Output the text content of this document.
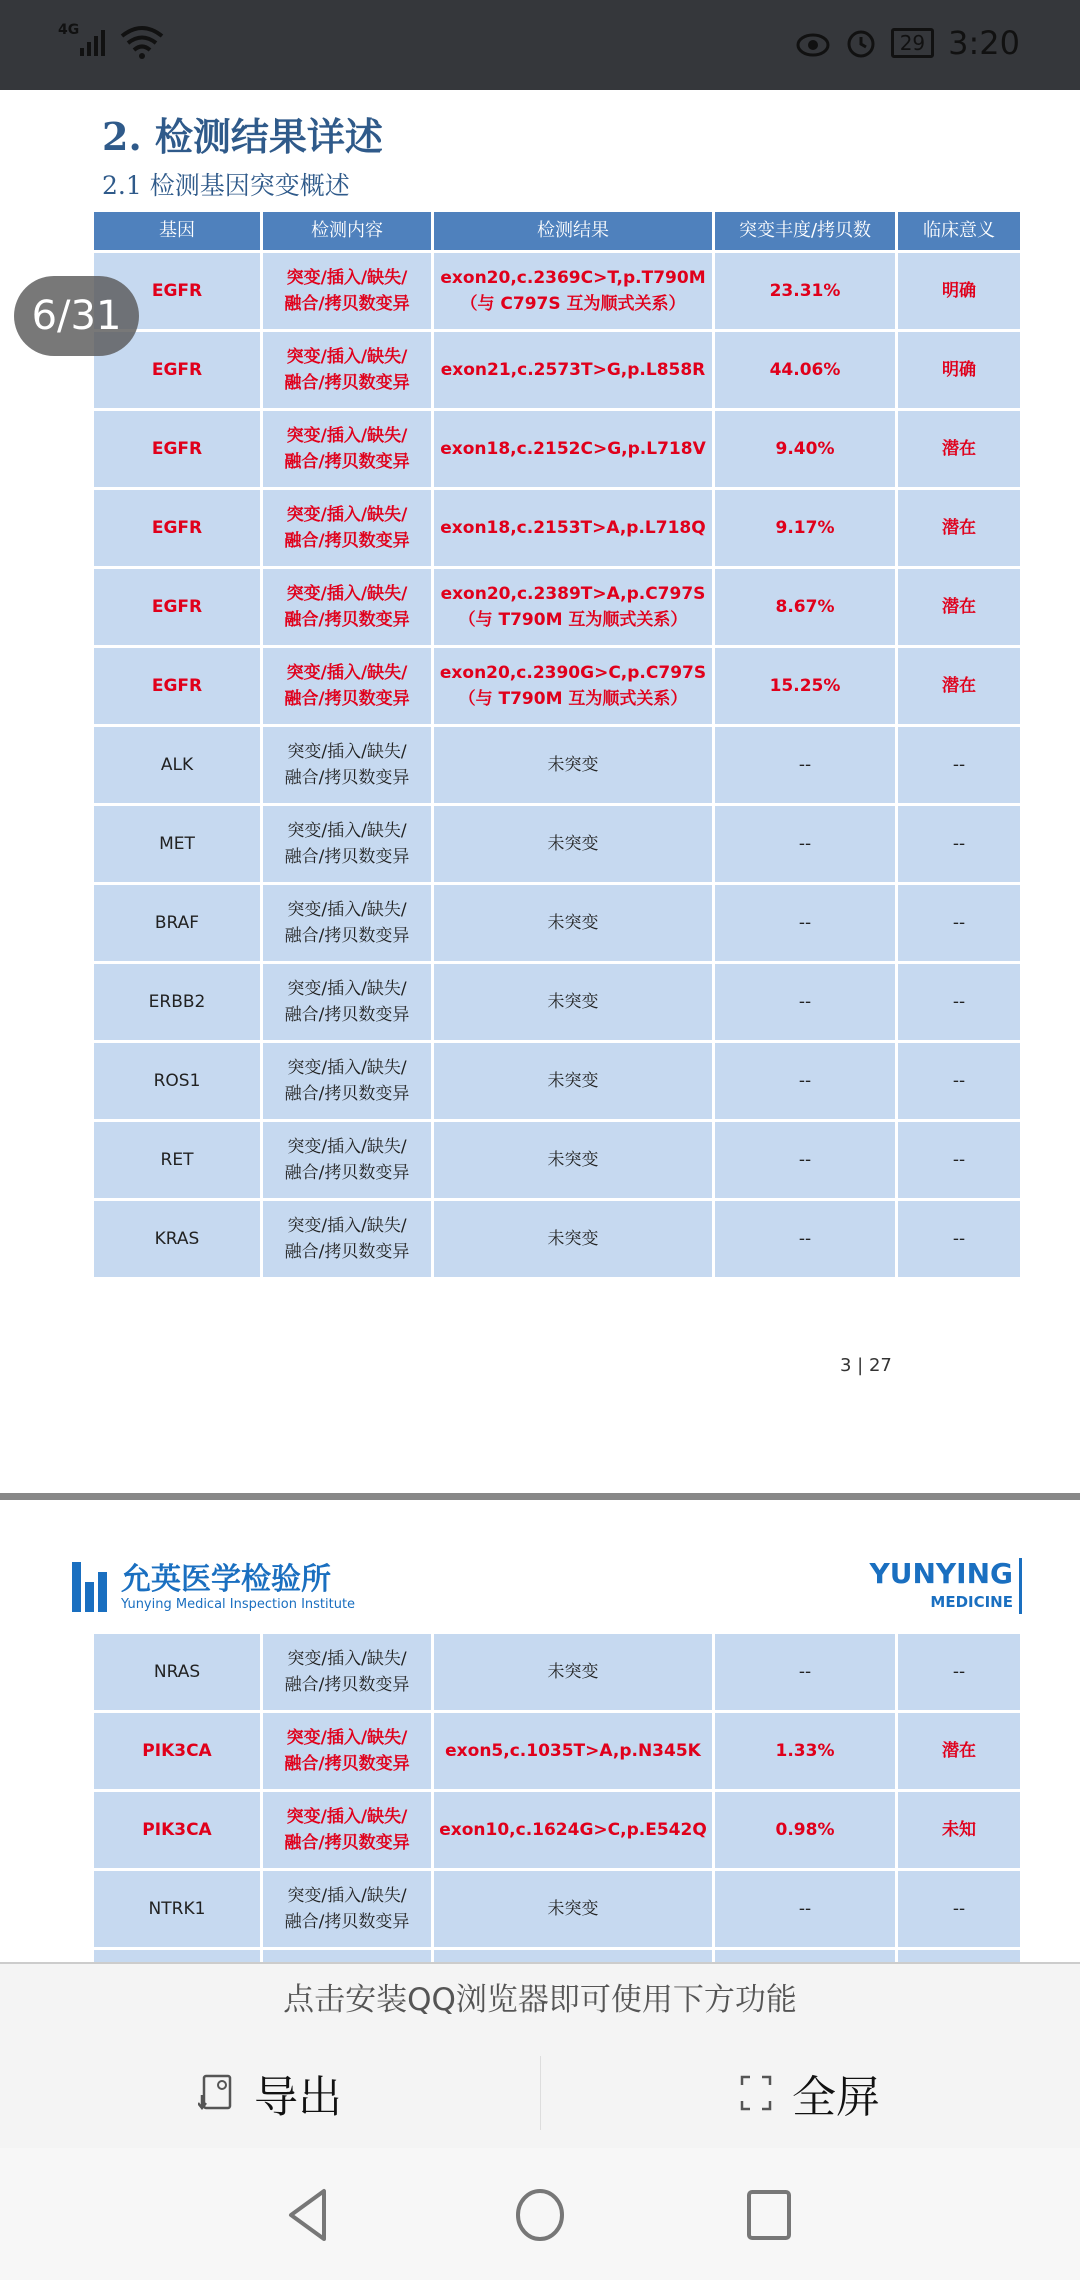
4G
29 3:20
2. 检测结果详述
2.1 检测基因突变概述
基因	检测内容	检测结果	突变丰度/拷贝数	临床意义
EGFR	突变/插入/缺失/
融合/拷贝数变异	exon20,c.2369C>T,p.T790M
（与 C797S 互为顺式关系）	23.31%	明确
EGFR	突变/插入/缺失/
融合/拷贝数变异	exon21,c.2573T>G,p.L858R	44.06%	明确
EGFR	突变/插入/缺失/
融合/拷贝数变异	exon18,c.2152C>G,p.L718V	9.40%	潜在
EGFR	突变/插入/缺失/
融合/拷贝数变异	exon18,c.2153T>A,p.L718Q	9.17%	潜在
EGFR	突变/插入/缺失/
融合/拷贝数变异	exon20,c.2389T>A,p.C797S
（与 T790M 互为顺式关系）	8.67%	潜在
EGFR	突变/插入/缺失/
融合/拷贝数变异	exon20,c.2390G>C,p.C797S
（与 T790M 互为顺式关系）	15.25%	潜在
ALK	突变/插入/缺失/
融合/拷贝数变异	未突变	--	--
MET	突变/插入/缺失/
融合/拷贝数变异	未突变	--	--
BRAF	突变/插入/缺失/
融合/拷贝数变异	未突变	--	--
ERBB2	突变/插入/缺失/
融合/拷贝数变异	未突变	--	--
ROS1	突变/插入/缺失/
融合/拷贝数变异	未突变	--	--
RET	突变/插入/缺失/
融合/拷贝数变异	未突变	--	--
KRAS	突变/插入/缺失/
融合/拷贝数变异	未突变	--	--
3 | 27
允英医学检验所
Yunying Medical Inspection Institute
YUNYING
MEDICINE
NRAS	突变/插入/缺失/
融合/拷贝数变异	未突变	--	--
PIK3CA	突变/插入/缺失/
融合/拷贝数变异	exon5,c.1035T>A,p.N345K	1.33%	潜在
PIK3CA	突变/插入/缺失/
融合/拷贝数变异	exon10,c.1624G>C,p.E542Q	0.98%	未知
NTRK1	突变/插入/缺失/
融合/拷贝数变异	未突变	--	--

6/31
点击安装QQ浏览器即可使用下方功能
导出	全屏
